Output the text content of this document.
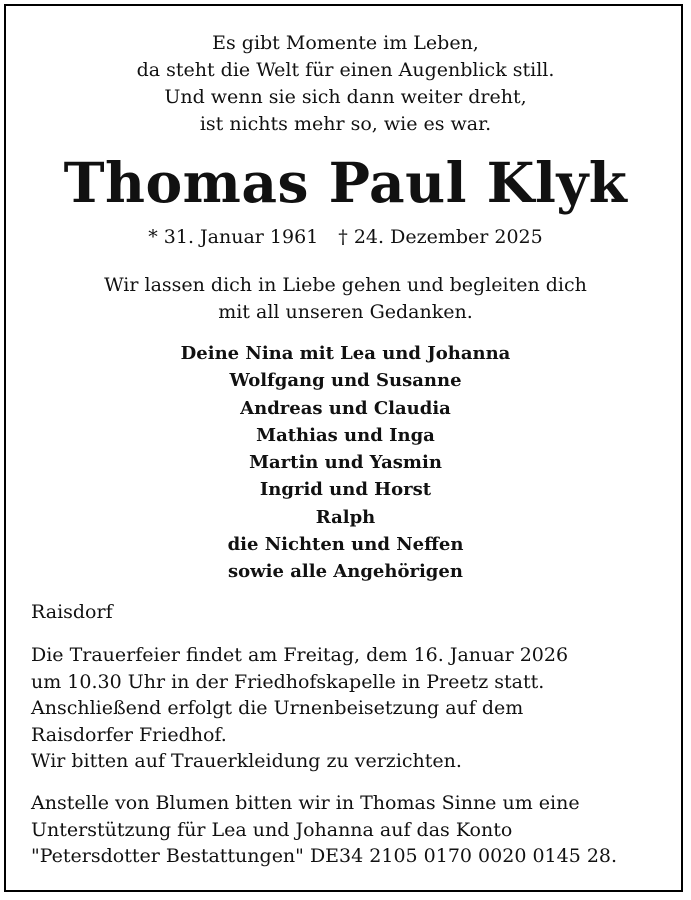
Es gibt Momente im Leben,
da steht die Welt für einen Augenblick still.
Und wenn sie sich dann weiter dreht,
ist nichts mehr so, wie es war.
Thomas Paul Klyk
* 31. Januar 1961 † 24. Dezember 2025
Wir lassen dich in Liebe gehen und begleiten dich
mit all unseren Gedanken.
Deine Nina mit Lea und Johanna
Wolfgang und Susanne
Andreas und Claudia
Mathias und Inga
Martin und Yasmin
Ingrid und Horst
Ralph
die Nichten und Neffen
sowie alle Angehörigen
Raisdorf
Die Trauerfeier findet am Freitag, dem 16. Januar 2026
um 10.30 Uhr in der Friedhofskapelle in Preetz statt.
Anschließend erfolgt die Urnenbeisetzung auf dem
Raisdorfer Friedhof.
Wir bitten auf Trauerkleidung zu verzichten.
Anstelle von Blumen bitten wir in Thomas Sinne um eine
Unterstützung für Lea und Johanna auf das Konto
"Petersdotter Bestattungen" DE34 2105 0170 0020 0145 28.
